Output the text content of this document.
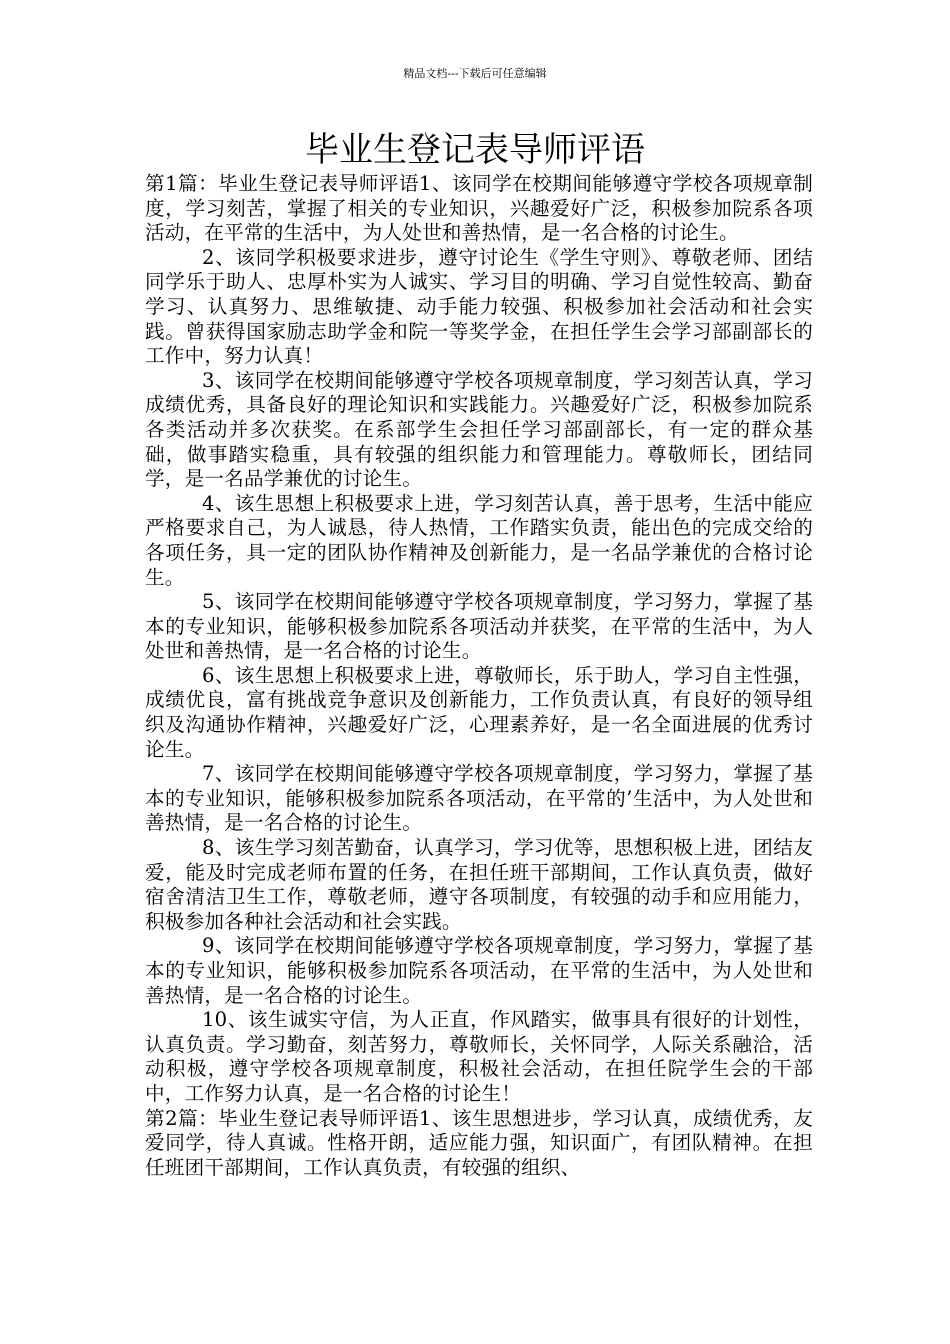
精品文档---下载后可任意编辑
毕业生登记表导师评语

第1篇：毕业生登记表导师评语1、该同学在校期间能够遵守学校各项规章制度，学习刻苦，掌握了相关的专业知识，兴趣爱好广泛，积极参加院系各项活动，在平常的生活中，为人处世和善热情，是一名合格的讨论生。

2、该同学积极要求进步，遵守讨论生《学生守则》、尊敬老师、团结同学乐于助人、忠厚朴实为人诚实、学习目的明确、学习自觉性较高、勤奋学习、认真努力、思维敏捷、动手能力较强、积极参加社会活动和社会实践。曾获得国家励志助学金和院一等奖学金，在担任学生会学习部副部长的工作中，努力认真！

3、该同学在校期间能够遵守学校各项规章制度，学习刻苦认真，学习成绩优秀，具备良好的理论知识和实践能力。兴趣爱好广泛，积极参加院系各类活动并多次获奖。在系部学生会担任学习部副部长，有一定的群众基础，做事踏实稳重，具有较强的组织能力和管理能力。尊敬师长，团结同学，是一名品学兼优的讨论生。

4、该生思想上积极要求上进，学习刻苦认真，善于思考，生活中能应严格要求自己，为人诚恳，待人热情，工作踏实负责，能出色的完成交给的各项任务，具一定的团队协作精神及创新能力，是一名品学兼优的合格讨论生。

5、该同学在校期间能够遵守学校各项规章制度，学习努力，掌握了基本的专业知识，能够积极参加院系各项活动并获奖，在平常的生活中，为人处世和善热情，是一名合格的讨论生。

6、该生思想上积极要求上进，尊敬师长，乐于助人，学习自主性强，成绩优良，富有挑战竞争意识及创新能力，工作负责认真，有良好的领导组织及沟通协作精神，兴趣爱好广泛，心理素养好，是一名全面进展的优秀讨论生。

7、该同学在校期间能够遵守学校各项规章制度，学习努力，掌握了基本的专业知识，能够积极参加院系各项活动，在平常的’生活中，为人处世和善热情，是一名合格的讨论生。

8、该生学习刻苦勤奋，认真学习，学习优等，思想积极上进，团结友爱，能及时完成老师布置的任务，在担任班干部期间，工作认真负责，做好宿舍清洁卫生工作，尊敬老师，遵守各项制度，有较强的动手和应用能力，积极参加各种社会活动和社会实践。

9、该同学在校期间能够遵守学校各项规章制度，学习努力，掌握了基本的专业知识，能够积极参加院系各项活动，在平常的生活中，为人处世和善热情，是一名合格的讨论生。

10、该生诚实守信，为人正直，作风踏实，做事具有很好的计划性，认真负责。学习勤奋，刻苦努力，尊敬师长，关怀同学，人际关系融洽，活动积极，遵守学校各项规章制度，积极社会活动，在担任院学生会的干部中，工作努力认真，是一名合格的讨论生！

第2篇：毕业生登记表导师评语1、该生思想进步，学习认真，成绩优秀，友爱同学，待人真诚。性格开朗，适应能力强，知识面广，有团队精神。在担任班团干部期间，工作认真负责，有较强的组织、
